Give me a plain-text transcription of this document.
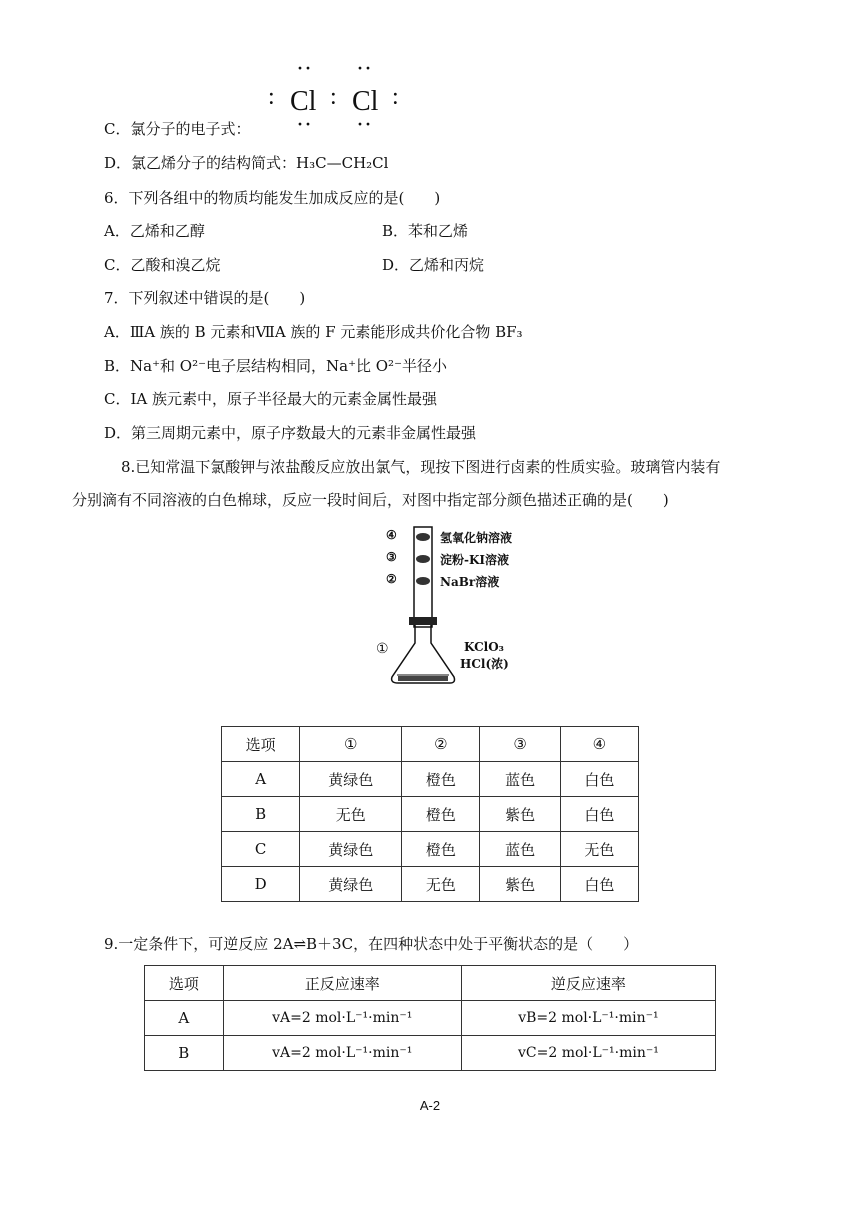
·· ··
: Cl : Cl :
·· ··
C．氯分子的电子式：
D．氯乙烯分子的结构简式：H₃C—CH₂Cl
6．下列各组中的物质均能发生加成反应的是(　　)
A．乙烯和乙醇	B．苯和乙烯
C．乙酸和溴乙烷	D．乙烯和丙烷
7．下列叙述中错误的是(　　)
A．ⅢA 族的 B 元素和ⅦA 族的 F 元素能形成共价化合物 BF₃
B．Na⁺和 O²⁻电子层结构相同，Na⁺比 O²⁻半径小
C．ⅠA 族元素中，原子半径最大的元素金属性最强
D．第三周期元素中，原子序数最大的元素非金属性最强
8.已知常温下氯酸钾与浓盐酸反应放出氯气，现按下图进行卤素的性质实验。玻璃管内装有
分别滴有不同溶液的白色棉球，反应一段时间后，对图中指定部分颜色描述正确的是(　　)
④	氢氧化钠溶液
③	淀粉-KI溶液
②	NaBr溶液
①	KClO₃
HCl(浓)
选项	①	②	③	④
A	黄绿色	橙色	蓝色	白色
B	无色	橙色	紫色	白色
C	黄绿色	橙色	蓝色	无色
D	黄绿色	无色	紫色	白色
9.一定条件下，可逆反应 2A⇌B＋3C，在四种状态中处于平衡状态的是（　　）
选项	正反应速率	逆反应速率
A	vA=2 mol·L⁻¹·min⁻¹	vB=2 mol·L⁻¹·min⁻¹
B	vA=2 mol·L⁻¹·min⁻¹	vC=2 mol·L⁻¹·min⁻¹
A-2
